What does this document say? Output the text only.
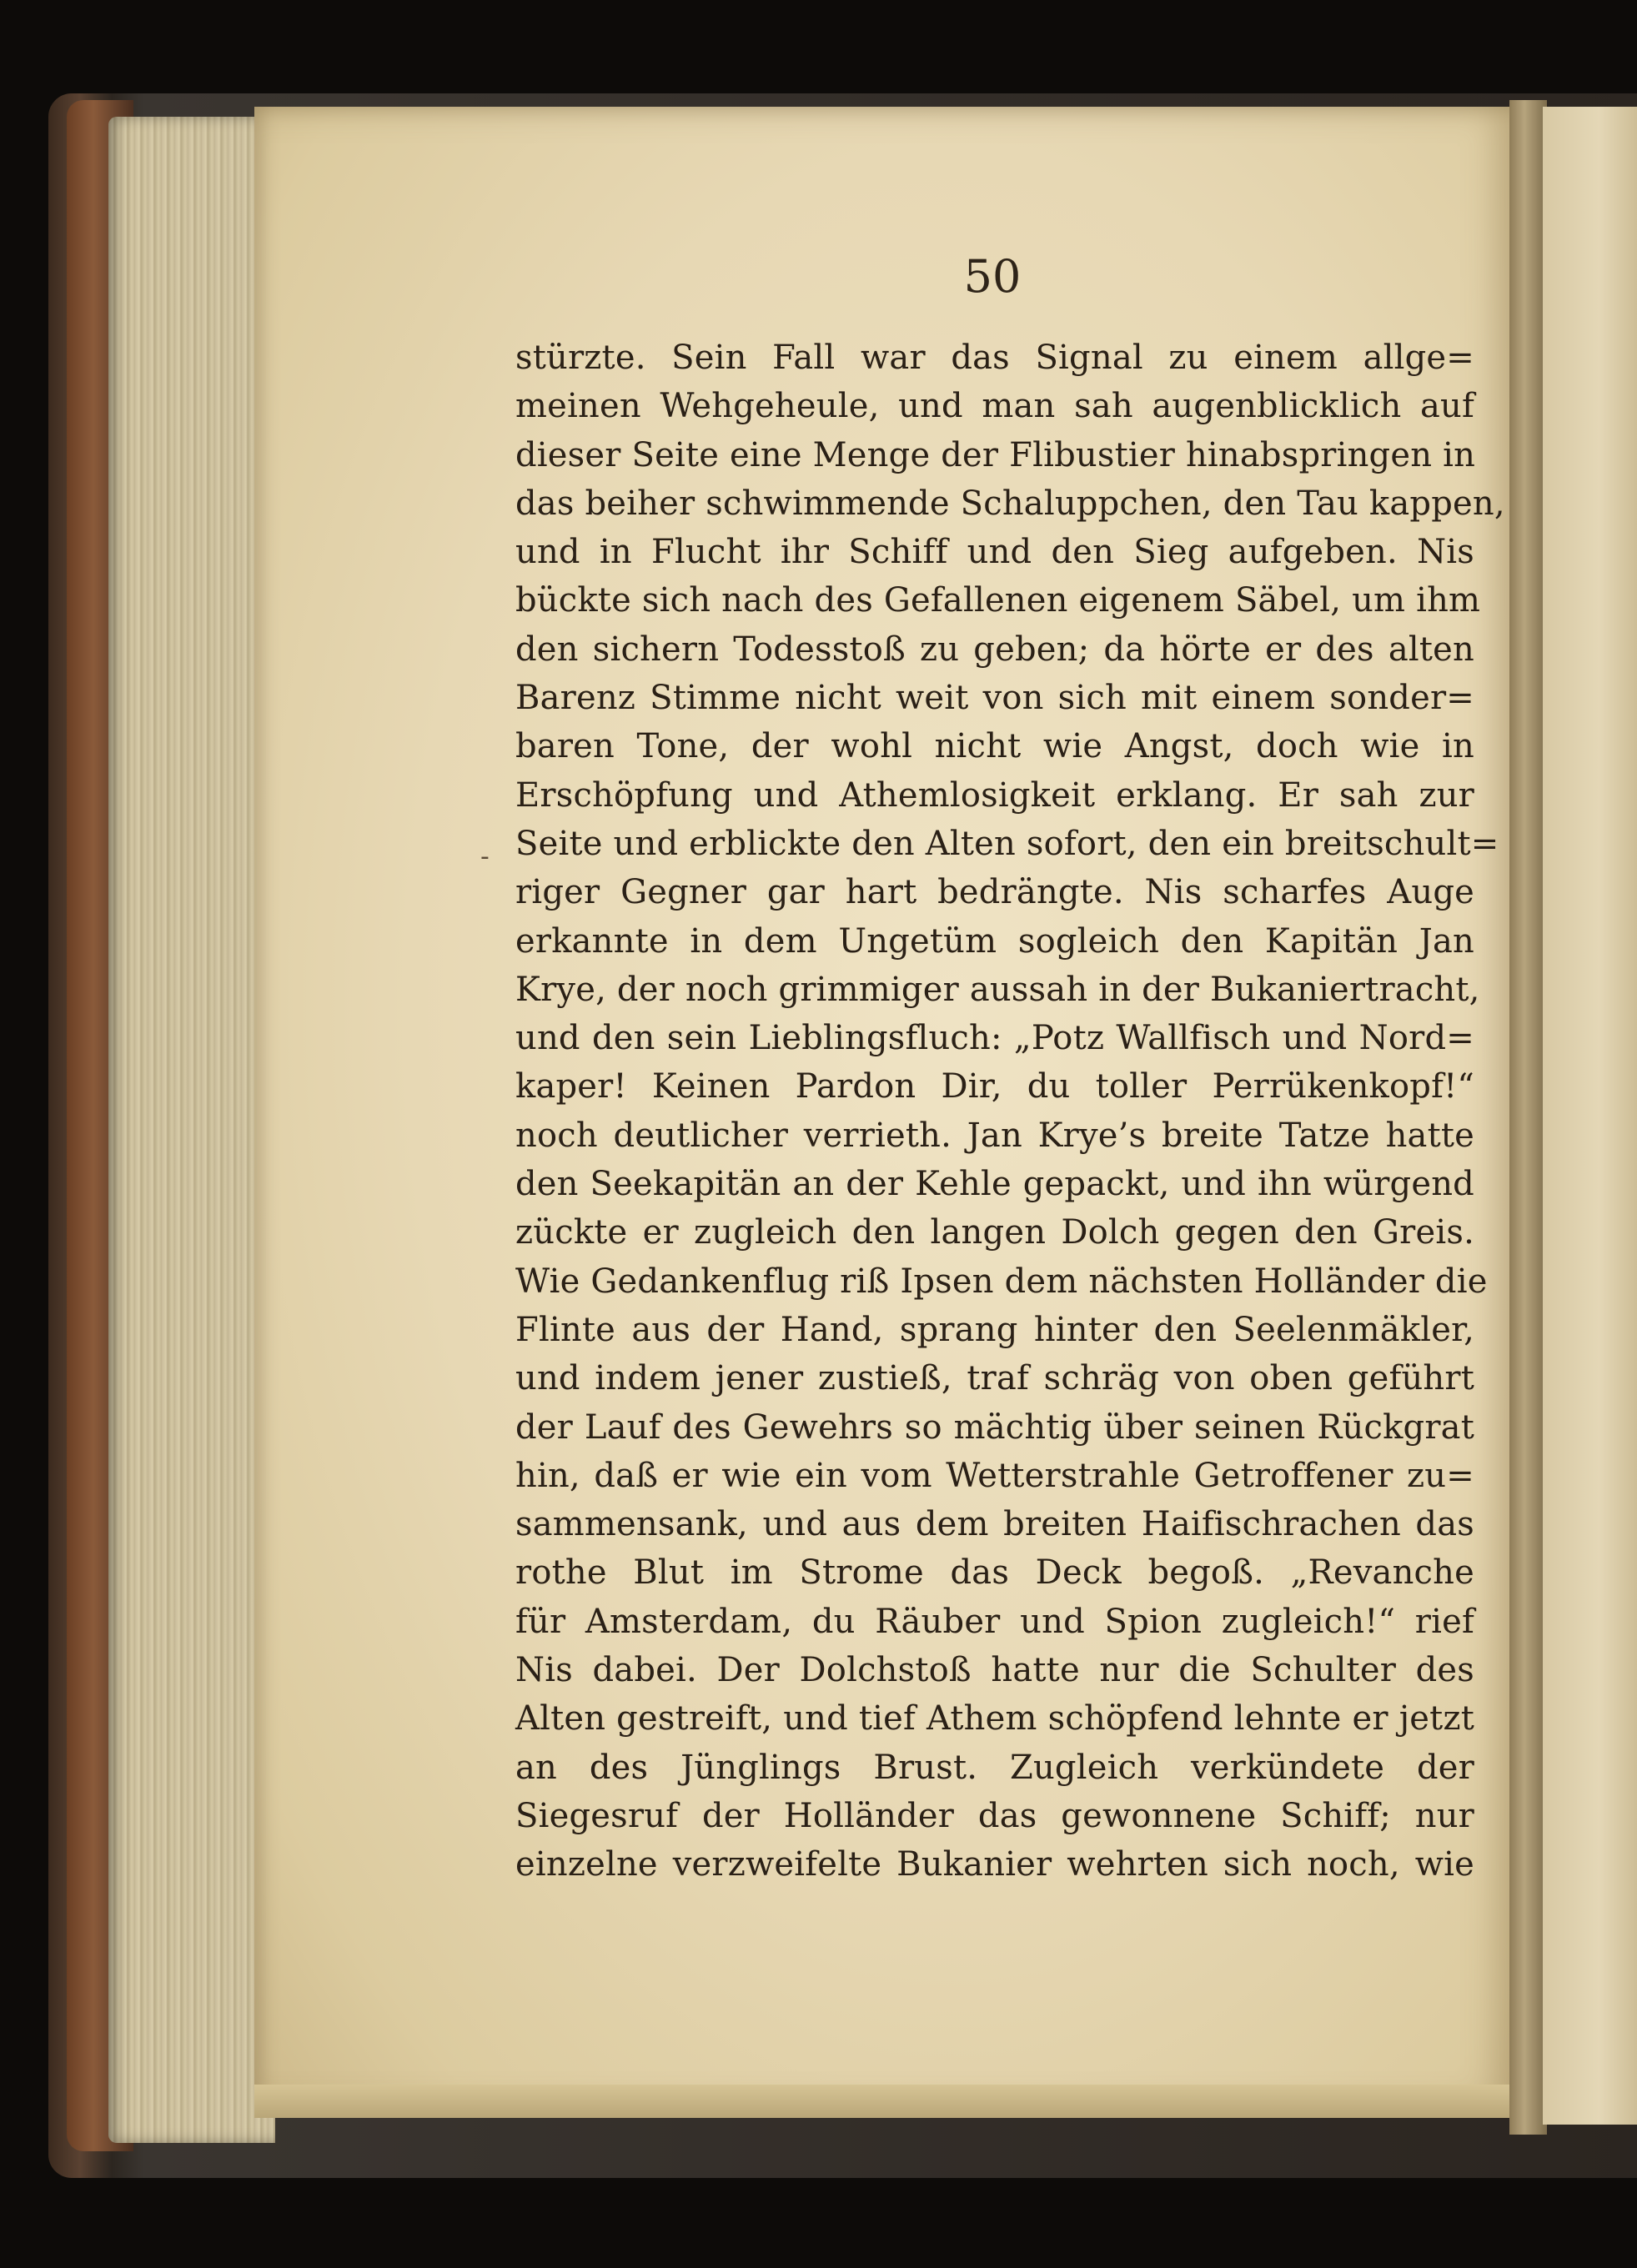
50
-
stürzte. Sein Fall war das Signal zu einem allge=
meinen Wehgeheule, und man sah augenblicklich auf
dieser Seite eine Menge der Flibustier hinabspringen in
das beiher schwimmende Schaluppchen, den Tau kappen,
und in Flucht ihr Schiff und den Sieg aufgeben. Nis
bückte sich nach des Gefallenen eigenem Säbel, um ihm
den sichern Todesstoß zu geben; da hörte er des alten
Barenz Stimme nicht weit von sich mit einem sonder=
baren Tone, der wohl nicht wie Angst, doch wie in
Erschöpfung und Athemlosigkeit erklang. Er sah zur
Seite und erblickte den Alten sofort, den ein breitschult=
riger Gegner gar hart bedrängte. Nis scharfes Auge
erkannte in dem Ungetüm sogleich den Kapitän Jan
Krye, der noch grimmiger aussah in der Bukaniertracht,
und den sein Lieblingsfluch: „Potz Wallfisch und Nord=
kaper! Keinen Pardon Dir, du toller Perrükenkopf!“
noch deutlicher verrieth. Jan Krye’s breite Tatze hatte
den Seekapitän an der Kehle gepackt, und ihn würgend
zückte er zugleich den langen Dolch gegen den Greis.
Wie Gedankenflug riß Ipsen dem nächsten Holländer die
Flinte aus der Hand, sprang hinter den Seelenmäkler,
und indem jener zustieß, traf schräg von oben geführt
der Lauf des Gewehrs so mächtig über seinen Rückgrat
hin, daß er wie ein vom Wetterstrahle Getroffener zu=
sammensank, und aus dem breiten Haifischrachen das
rothe Blut im Strome das Deck begoß. „Revanche
für Amsterdam, du Räuber und Spion zugleich!“ rief
Nis dabei. Der Dolchstoß hatte nur die Schulter des
Alten gestreift, und tief Athem schöpfend lehnte er jetzt
an des Jünglings Brust. Zugleich verkündete der
Siegesruf der Holländer das gewonnene Schiff; nur
einzelne verzweifelte Bukanier wehrten sich noch, wie
